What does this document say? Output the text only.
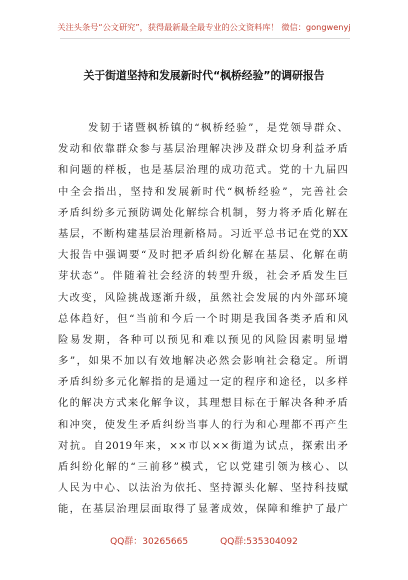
关注头条号“公文研究”，获得最新最全最专业的公文资料库！ 微信：gongwenyj
关于街道坚持和发展新时代“枫桥经验”的调研报告
发韧于诸暨枫桥镇的“枫桥经验”，是党领导群众、
发动和依靠群众参与基层治理解决涉及群众切身利益矛盾
和问题的样板，也是基层治理的成功范式。党的十九届四
中全会指出，坚持和发展新时代“枫桥经验”，完善社会
矛盾纠纷多元预防调处化解综合机制，努力将矛盾化解在
基层，不断构建基层治理新格局。习近平总书记在党的XX
大报告中强调要“及时把矛盾纠纷化解在基层、化解在萌
芽状态”。伴随着社会经济的转型升级，社会矛盾发生巨
大改变，风险挑战逐渐升级，虽然社会发展的内外部环境
总体趋好，但“当前和今后一个时期是我国各类矛盾和风
险易发期，各种可以预见和难以预见的风险因素明显增
多”，如果不加以有效地解决必然会影响社会稳定。所谓
矛盾纠纷多元化解指的是通过一定的程序和途径，以多样
化的解决方式来化解争议，其理想目标在于解决各种矛盾
和冲突，使发生矛盾纠纷当事人的行为和心理都不再产生
对抗。自2019年来，××市以××街道为试点，探索出矛
盾纠纷化解的“三前移”模式，它以党建引领为核心、以
人民为中心、以法治为依托、坚持源头化解、坚持科技赋
能，在基层治理层面取得了显著成效，保障和维护了最广
QQ群：30265665	QQ群:535304092
